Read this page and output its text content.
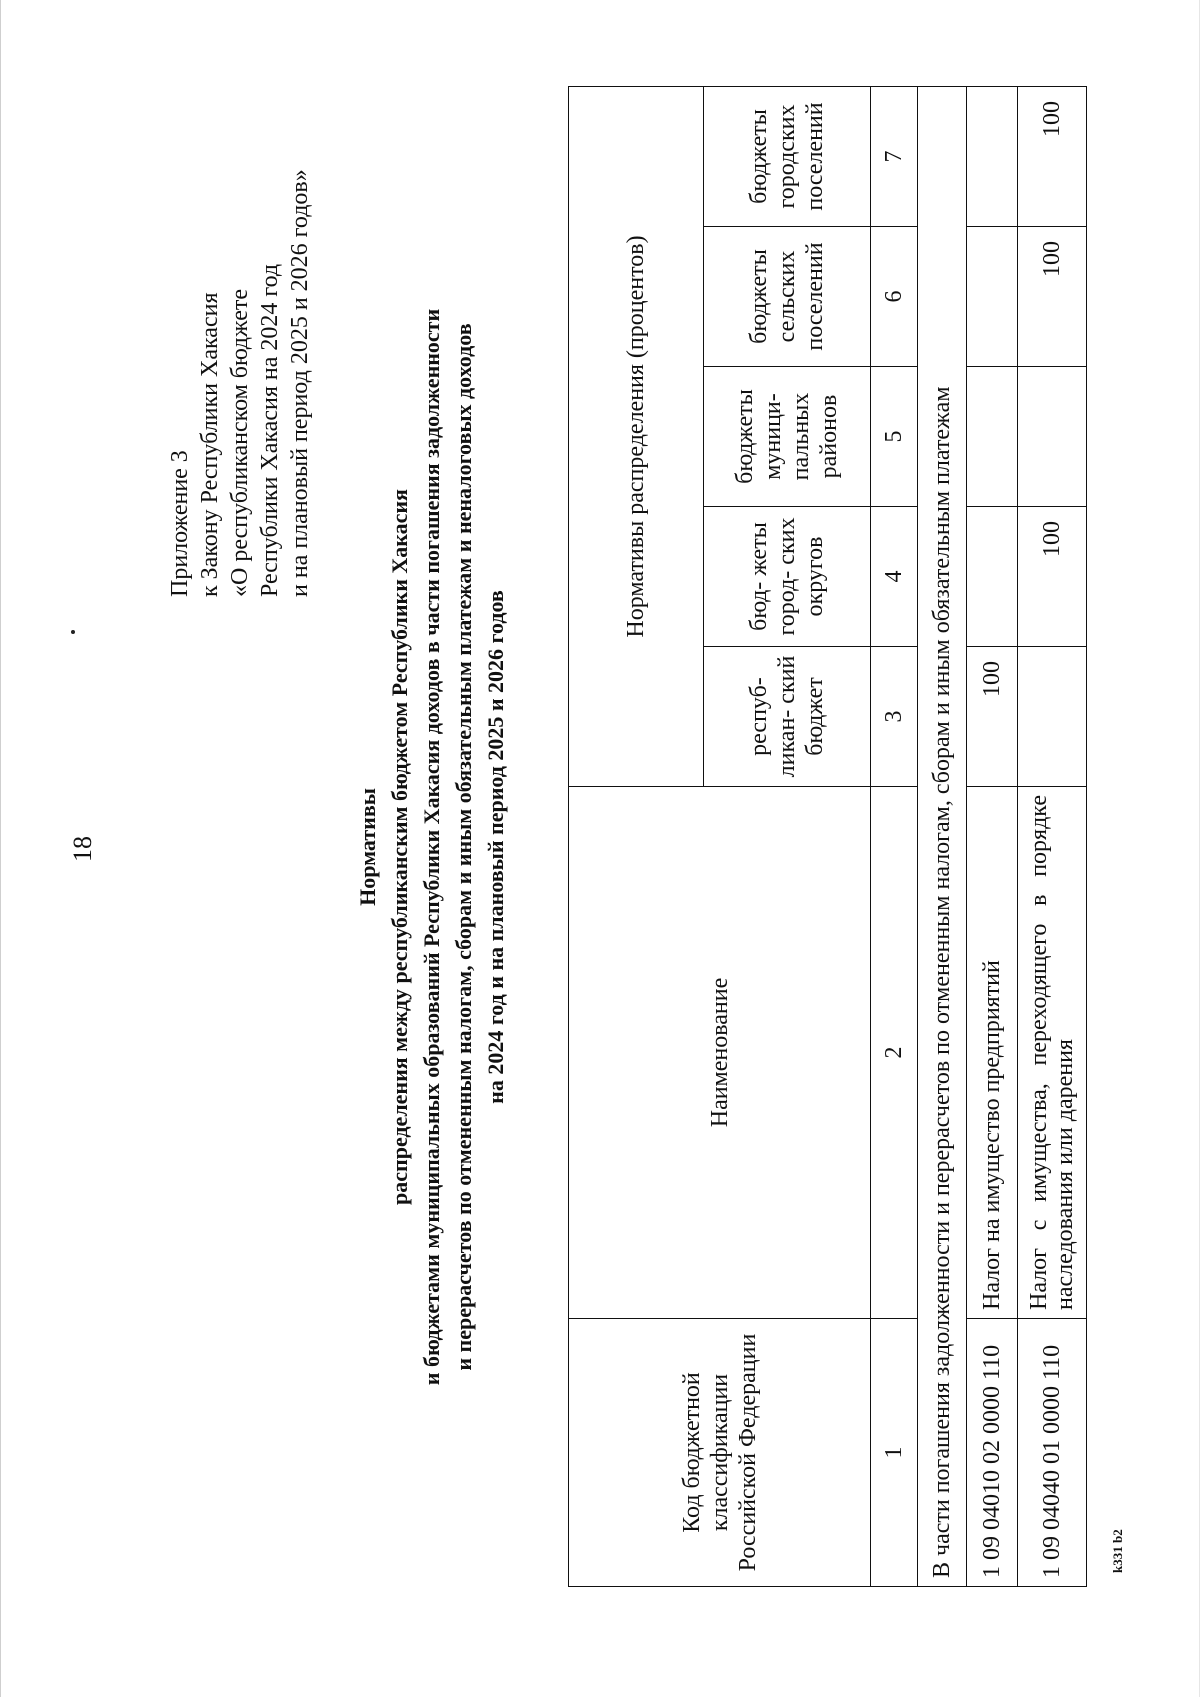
18
Приложение 3 к Закону Республики Хакасия «О республиканском бюджете Республики Хакасия на 2024 год и на плановый период 2025 и 2026 годов»
Нормативы распределения между республиканским бюджетом Республики Хакасия и бюджетами муниципальных образований Республики Хакасия доходов в части погашения задолженности и перерасчетов по отмененным налогам, сборам и иным обязательным платежам и неналоговых доходов на 2024 год и на плановый период 2025 и 2026 годов
Код бюджетной классификации Российской Федерации	Наименование	Нормативы распределения (процентов)				
		респуб- ликан- ский бюджет	бюд- жеты город- ских округов	бюджеты муници- пальных районов	бюджеты сельских поселений	бюджеты городских поселений
1	2	3	4	5	6	7
В части погашения задолженности и перерасчетов по отмененным налогам, сборам и иным обязательным платежам						
1 09 04010 02 0000 110	Налог на имущество предприятий	100				
1 09 04040 01 0000 110	Налог с имущества, переходящего в порядке наследования или дарения		100		100	100
k331 b2
